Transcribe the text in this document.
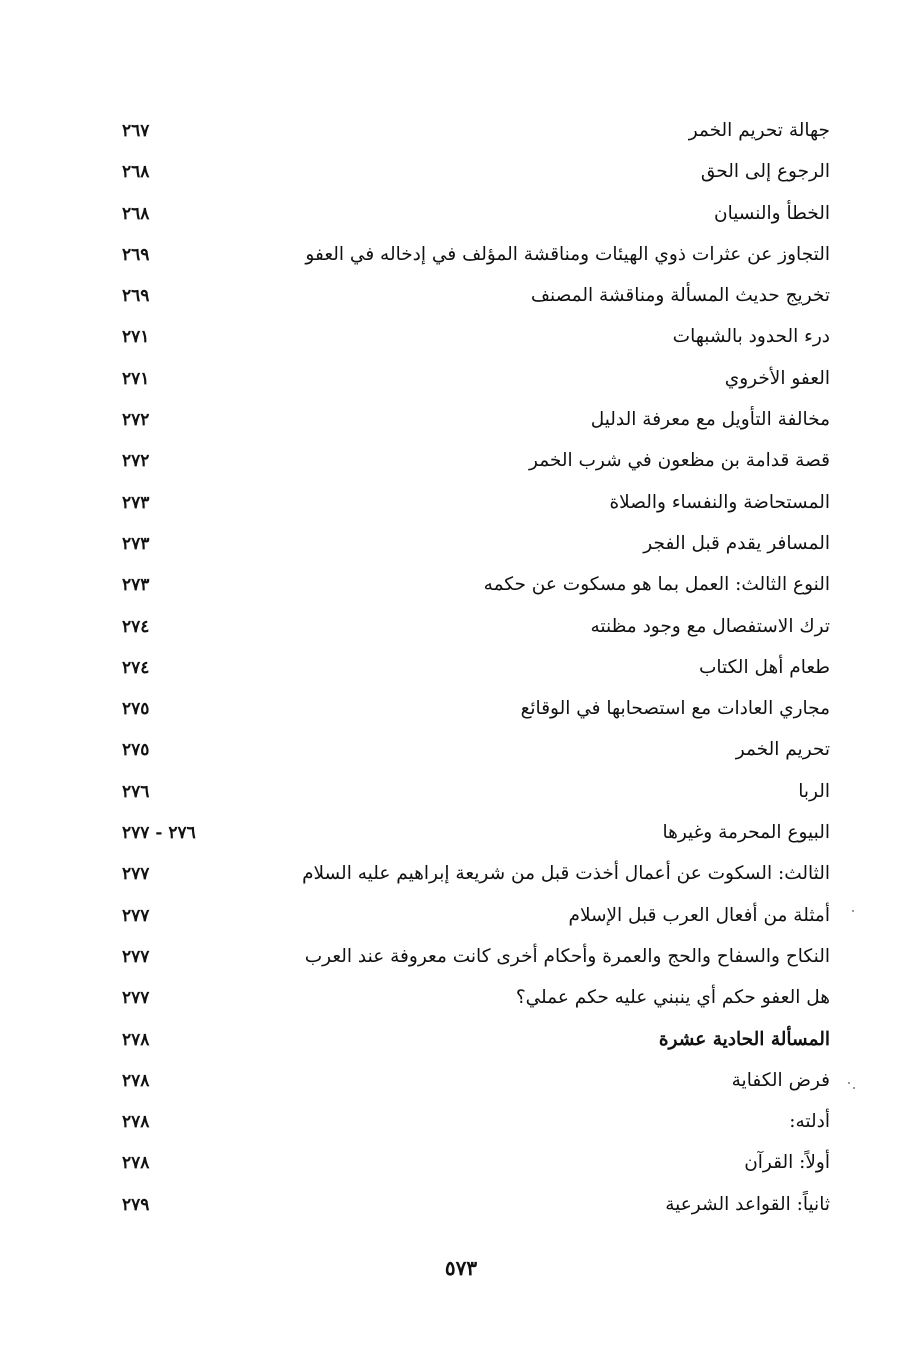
جهالة تحريم الخمر
٢٦٧
الرجوع إلى الحق
٢٦٨
الخطأ والنسيان
٢٦٨
التجاوز عن عثرات ذوي الهيئات ومناقشة المؤلف في إدخاله في العفو
٢٦٩
تخريج حديث المسألة ومناقشة المصنف
٢٦٩
درء الحدود بالشبهات
٢٧١
العفو الأخروي
٢٧١
مخالفة التأويل مع معرفة الدليل
٢٧٢
قصة قدامة بن مظعون في شرب الخمر
٢٧٢
المستحاضة والنفساء والصلاة
٢٧٣
المسافر يقدم قبل الفجر
٢٧٣
النوع الثالث: العمل بما هو مسكوت عن حكمه
٢٧٣
ترك الاستفصال مع وجود مظنته
٢٧٤
طعام أهل الكتاب
٢٧٤
مجاري العادات مع استصحابها في الوقائع
٢٧٥
تحريم الخمر
٢٧٥
الربا
٢٧٦
البيوع المحرمة وغيرها
٢٧٦ - ٢٧٧
الثالث: السكوت عن أعمال أخذت قبل من شريعة إبراهيم عليه السلام
٢٧٧
أمثلة من أفعال العرب قبل الإسلام
٢٧٧
النكاح والسفاح والحج والعمرة وأحكام أخرى كانت معروفة عند العرب
٢٧٧
هل العفو حكم أي ينبني عليه حكم عملي؟
٢٧٧
المسألة الحادية عشرة
٢٧٨
فرض الكفاية
٢٧٨
أدلته:
٢٧٨
أولاً: القرآن
٢٧٨
ثانياً: القواعد الشرعية
٢٧٩
٥٧٣
